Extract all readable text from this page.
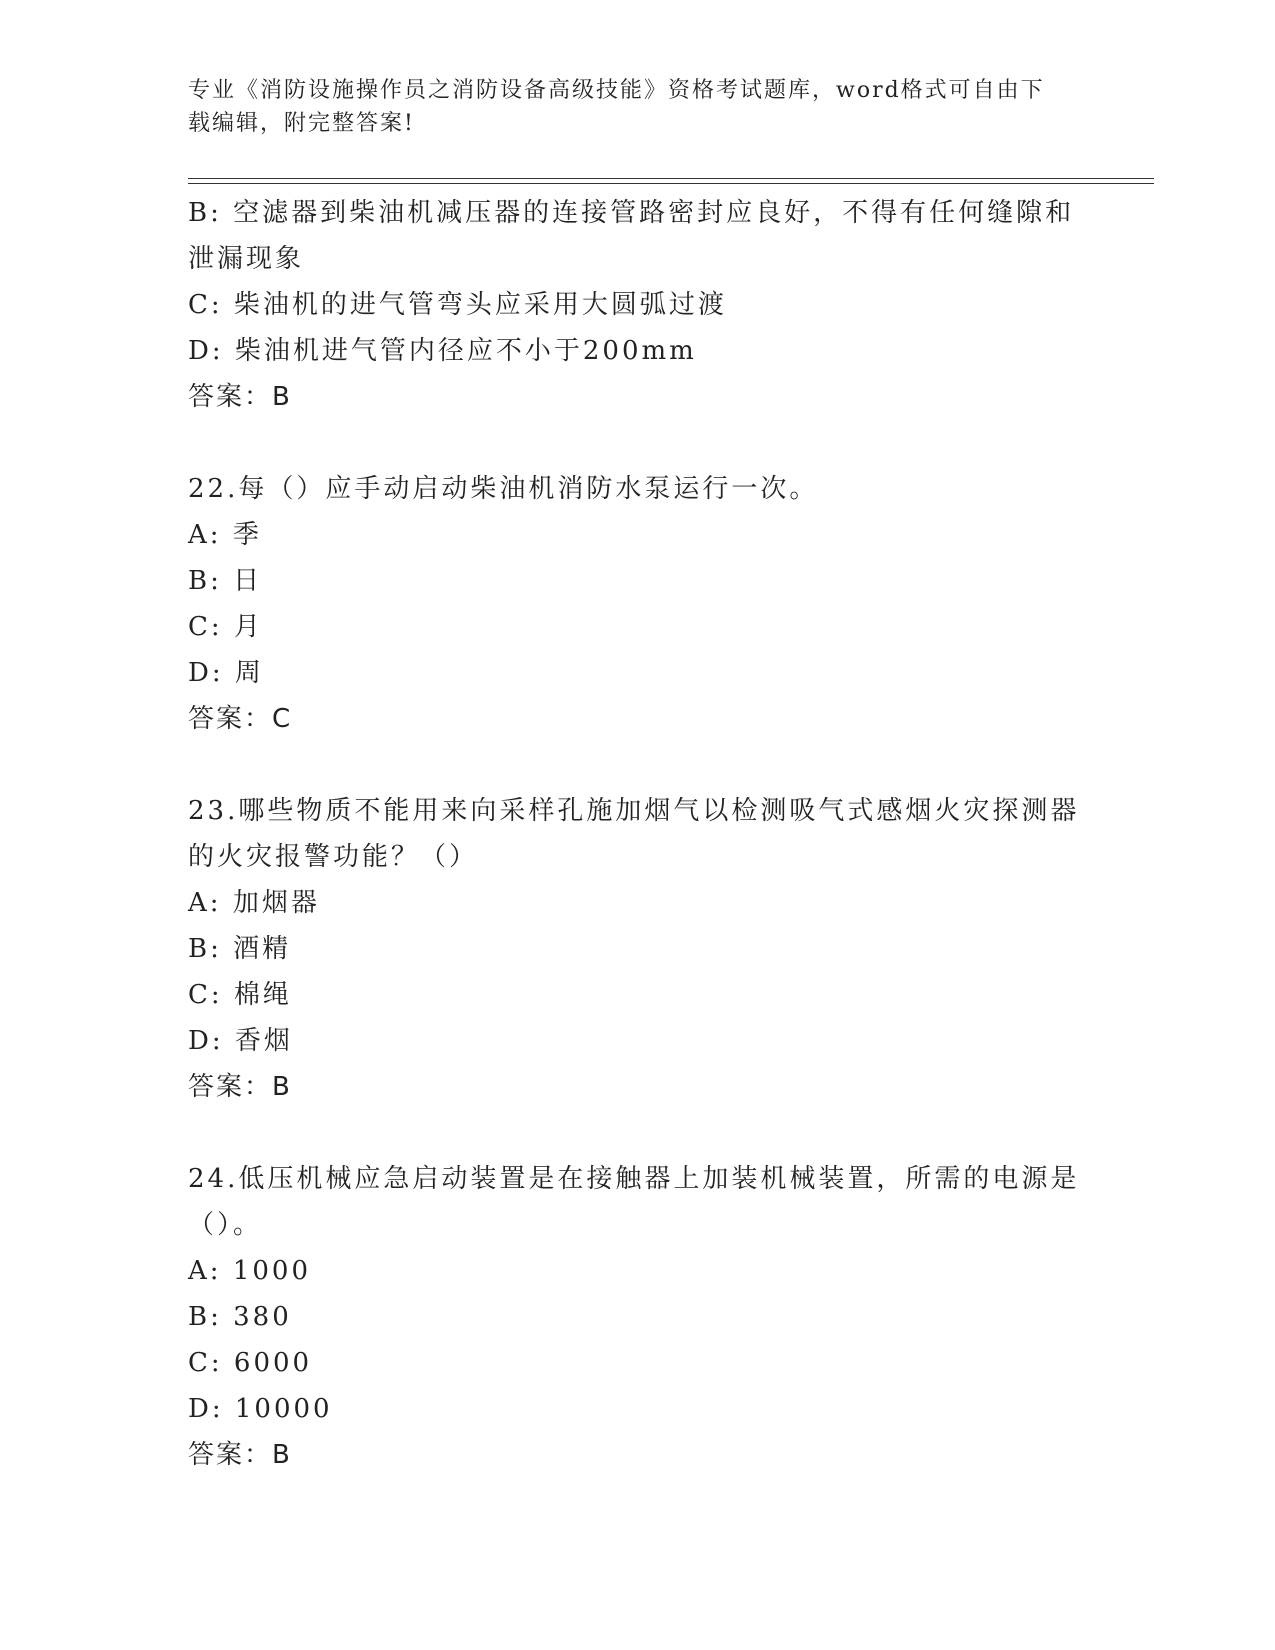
专业《消防设施操作员之消防设备高级技能》资格考试题库，word格式可自由下载编辑，附完整答案!
B: 空滤器到柴油机减压器的连接管路密封应良好，不得有任何缝隙和泄漏现象
C: 柴油机的进气管弯头应采用大圆弧过渡
D: 柴油机进气管内径应不小于200mm
答案：B
22.每（）应手动启动柴油机消防水泵运行一次。
A: 季
B: 日
C: 月
D: 周
答案：C
23.哪些物质不能用来向采样孔施加烟气以检测吸气式感烟火灾探测器的火灾报警功能？（）
A: 加烟器
B: 酒精
C: 棉绳
D: 香烟
答案：B
24.低压机械应急启动装置是在接触器上加装机械装置，所需的电源是（）。
A: 1000
B: 380
C: 6000
D: 10000
答案：B
